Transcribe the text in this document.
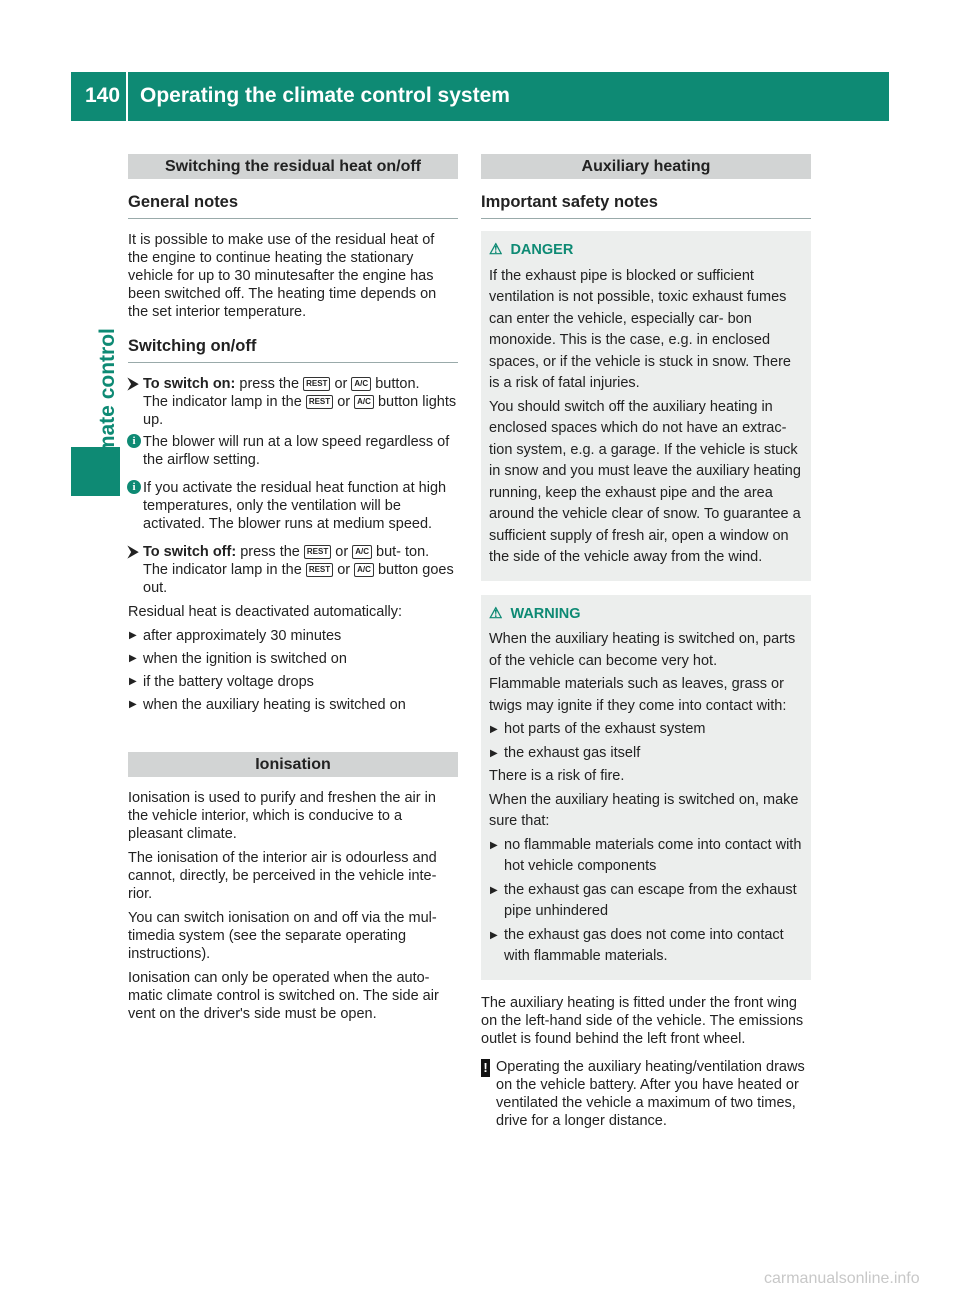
140 Operating the climate control system
Climate control
Switching the residual heat on/off
General notes

It is possible to make use of the residual heat of the engine to continue heating the stationary vehicle for up to 30 minutesafter the engine has been switched off. The heating time depends on the set interior temperature.

Switching on/off
⮞ To switch on: press the REST or A/C button.
The indicator lamp in the REST or A/C button lights up.
i The blower will run at a low speed regardless of the airflow setting.
i If you activate the residual heat function at high temperatures, only the ventilation will be activated. The blower runs at medium speed.
⮞ To switch off: press the REST or A/C but- ton.
The indicator lamp in the REST or A/C button goes out.

Residual heat is deactivated automatically:

▶ after approximately 30 minutes
▶ when the ignition is switched on
▶ if the battery voltage drops
▶ when the auxiliary heating is switched on
Ionisation

Ionisation is used to purify and freshen the air in the vehicle interior, which is conducive to a pleasant climate.

The ionisation of the interior air is odourless and cannot, directly, be perceived in the vehicle inte- rior.

You can switch ionisation on and off via the mul- timedia system (see the separate operating instructions).

Ionisation can only be operated when the auto- matic climate control is switched on. The side air vent on the driver's side must be open.

Auxiliary heating
Important safety notes
⚠ DANGER

If the exhaust pipe is blocked or sufficient ventilation is not possible, toxic exhaust fumes can enter the vehicle, especially car- bon monoxide. This is the case, e.g. in enclosed spaces, or if the vehicle is stuck in snow. There is a risk of fatal injuries.

You should switch off the auxiliary heating in enclosed spaces which do not have an extrac- tion system, e.g. a garage. If the vehicle is stuck in snow and you must leave the auxiliary heating running, keep the exhaust pipe and the area around the vehicle clear of snow. To guarantee a sufficient supply of fresh air, open a window on the side of the vehicle away from the wind.

⚠ WARNING

When the auxiliary heating is switched on, parts of the vehicle can become very hot.

Flammable materials such as leaves, grass or twigs may ignite if they come into contact with:

▶ hot parts of the exhaust system
▶ the exhaust gas itself

There is a risk of fire.

When the auxiliary heating is switched on, make sure that:

▶ no flammable materials come into contact with hot vehicle components
▶ the exhaust gas can escape from the exhaust pipe unhindered
▶ the exhaust gas does not come into contact with flammable materials.

The auxiliary heating is fitted under the front wing on the left-hand side of the vehicle. The emissions outlet is found behind the left front wheel.

! Operating the auxiliary heating/ventilation draws on the vehicle battery. After you have heated or ventilated the vehicle a maximum of two times, drive for a longer distance.
carmanualsonline.info
